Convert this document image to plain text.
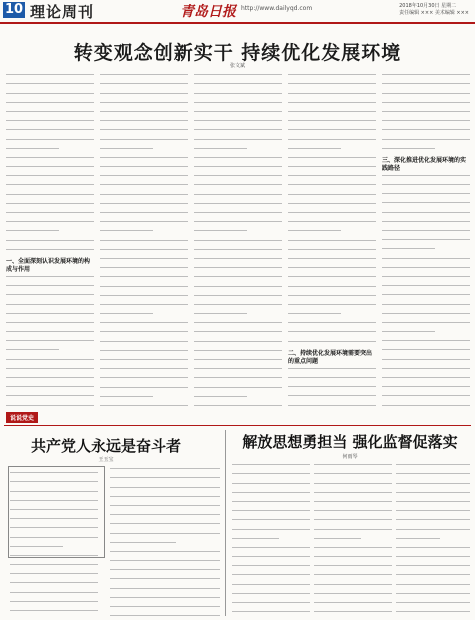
10 理论周刊	青岛日报 http://www.dailyqd.com	2018年10月30日 星期二
责任编辑 ××× 美术编辑 ×××
转变观念创新实干 持续优化发展环境
张文斌
一、全面深刻认识发展环境的构成与作用
二、持续优化发展环境需要突出的重点问题
三、深化推进优化发展环境的实践路径
说说党史
共产党人永远是奋斗者
王玉宝
解放思想勇担当 强化监督促落实
何雨琴
